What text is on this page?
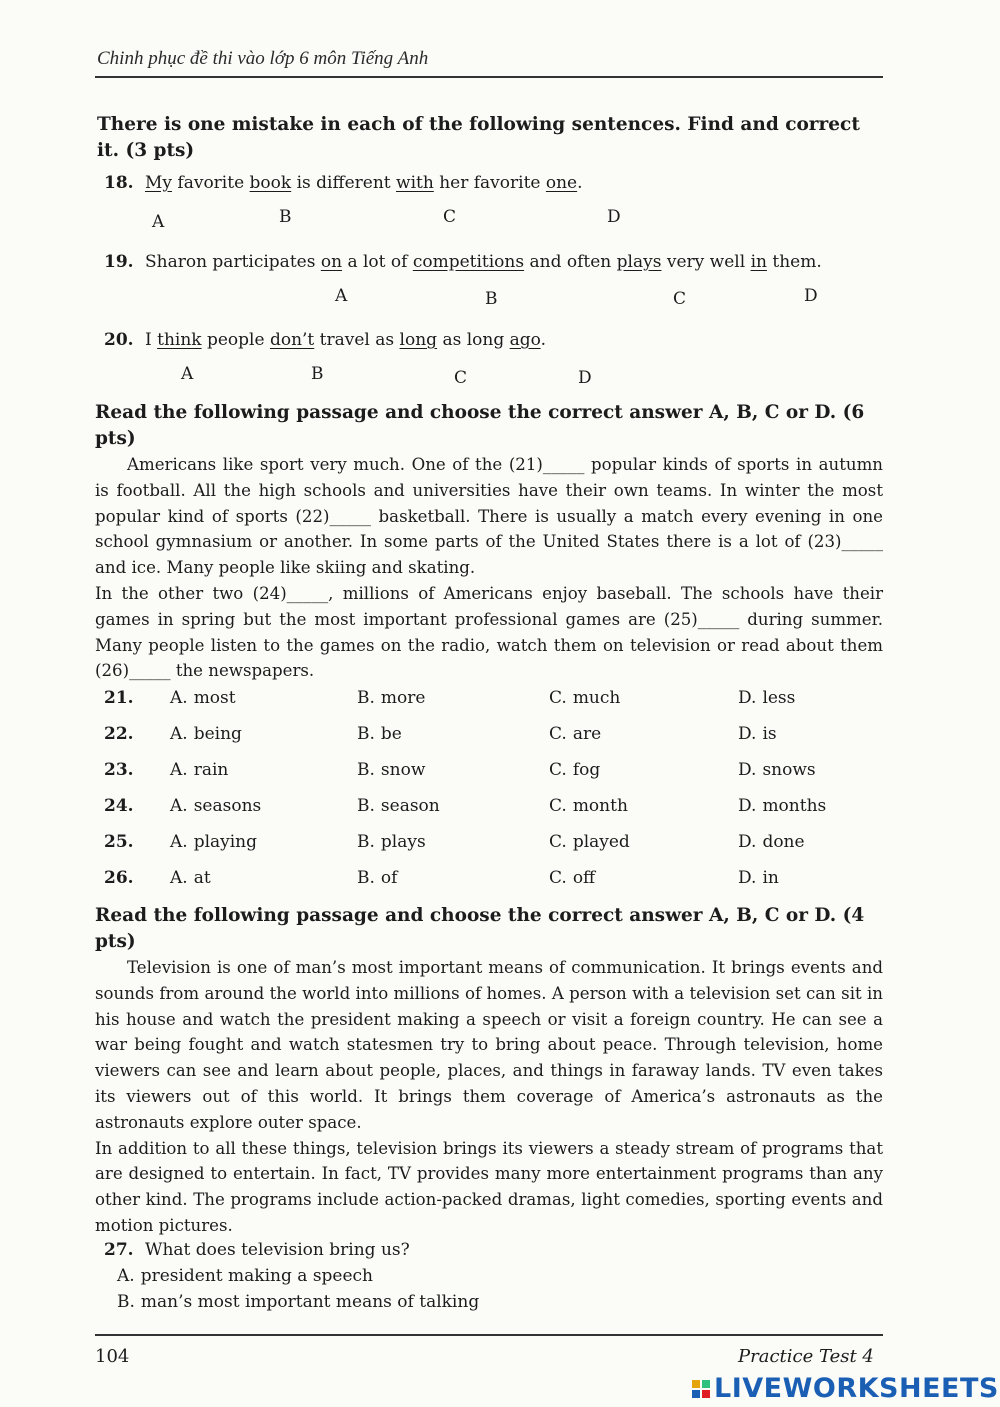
Chinh phục đề thi vào lớp 6 môn Tiếng Anh
There is one mistake in each of the following sentences. Find and correct it. (3 pts)
18. My favorite book is different with her favorite one.
A	B	C	D
19. Sharon participates on a lot of competitions and often plays very well in them.
A	B	C	D
20. I think people don’t travel as long as long ago.
A	B	C	D
Read the following passage and choose the correct answer A, B, C or D. (6 pts)

Americans like sport very much. One of the (21)_____ popular kinds of sports in autumn is football. All the high schools and universities have their own teams. In winter the most popular kind of sports (22)_____ basketball. There is usually a match every evening in one school gymnasium or another. In some parts of the United States there is a lot of (23)_____ and ice. Many people like skiing and skating.

In the other two (24)_____, millions of Americans enjoy baseball. The schools have their games in spring but the most important professional games are (25)_____ during summer. Many people listen to the games on the radio, watch them on television or read about them (26)_____ the newspapers.

21. A. most	B. more	C. much	D. less
22. A. being	B. be	C. are	D. is
23. A. rain	B. snow	C. fog	D. snows
24. A. seasons	B. season	C. month	D. months
25. A. playing	B. plays	C. played	D. done
26. A. at	B. of	C. off	D. in
Read the following passage and choose the correct answer A, B, C or D. (4 pts)

Television is one of man’s most important means of communication. It brings events and sounds from around the world into millions of homes. A person with a television set can sit in his house and watch the president making a speech or visit a foreign country. He can see a war being fought and watch statesmen try to bring about peace. Through television, home viewers can see and learn about people, places, and things in faraway lands. TV even takes its viewers out of this world. It brings them coverage of America’s astronauts as the astronauts explore outer space.

In addition to all these things, television brings its viewers a steady stream of programs that are designed to entertain. In fact, TV provides many more entertainment programs than any other kind. The programs include action-packed dramas, light comedies, sporting events and motion pictures.

27. What does television bring us?
A. president making a speech
B. man’s most important means of talking
104	Practice Test 4
LIVEWORKSHEETS
